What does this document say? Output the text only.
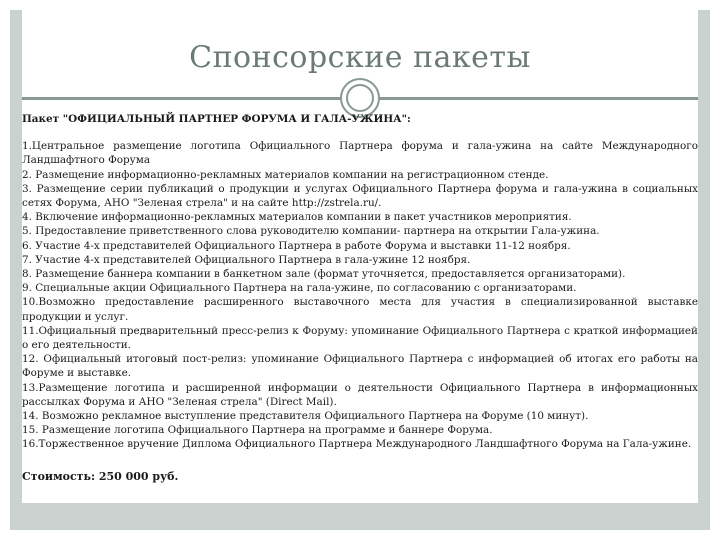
Спонсорские пакеты
Пакет "ОФИЦИАЛЬНЫЙ ПАРТНЕР ФОРУМА И ГАЛА-УЖИНА":

1.Центральное размещение логотипа Официального Партнера форума и гала-ужина на сайте Международного Ландшафтного Форума

2. Размещение информационно-рекламных материалов компании на регистрационном стенде.

3. Размещение серии публикаций о продукции и услугах Официального Партнера форума и гала-ужина в социальных сетях Форума, АНО "Зеленая стрела" и на сайте http://zstrela.ru/.

4. Включение информационно-рекламных материалов компании в пакет участников мероприятия.

5. Предоставление приветственного слова руководителю компании- партнера на открытии Гала-ужина.

6. Участие 4-х представителей Официального Партнера в работе Форума и выставки 11-12 ноября.

7. Участие 4-х представителей Официального Партнера в гала-ужине 12 ноября.

8. Размещение баннера компании в банкетном зале (формат уточняется, предоставляется организаторами).

9. Специальные акции Официального Партнера на гала-ужине, по согласованию с организаторами.

10.Возможно предоставление расширенного выставочного места для участия в специализированной выставке продукции и услуг.

11.Официальный предварительный пресс-релиз к Форуму: упоминание Официального Партнера с краткой информацией о его деятельности.

12. Официальный итоговый пост-релиз: упоминание Официального Партнера с информацией об итогах его работы на Форуме и выставке.

13.Размещение логотипа и расширенной информации о деятельности Официального Партнера в информационных рассылках Форума и АНО "Зеленая стрела" (Direct Mail).

14. Возможно рекламное выступление представителя Официального Партнера на Форуме (10 минут).

15. Размещение логотипа Официального Партнера на программе и баннере Форума.

16.Торжественное вручение Диплома Официального Партнера Международного Ландшафтного Форума на Гала-ужине.

Стоимость: 250 000 руб.
